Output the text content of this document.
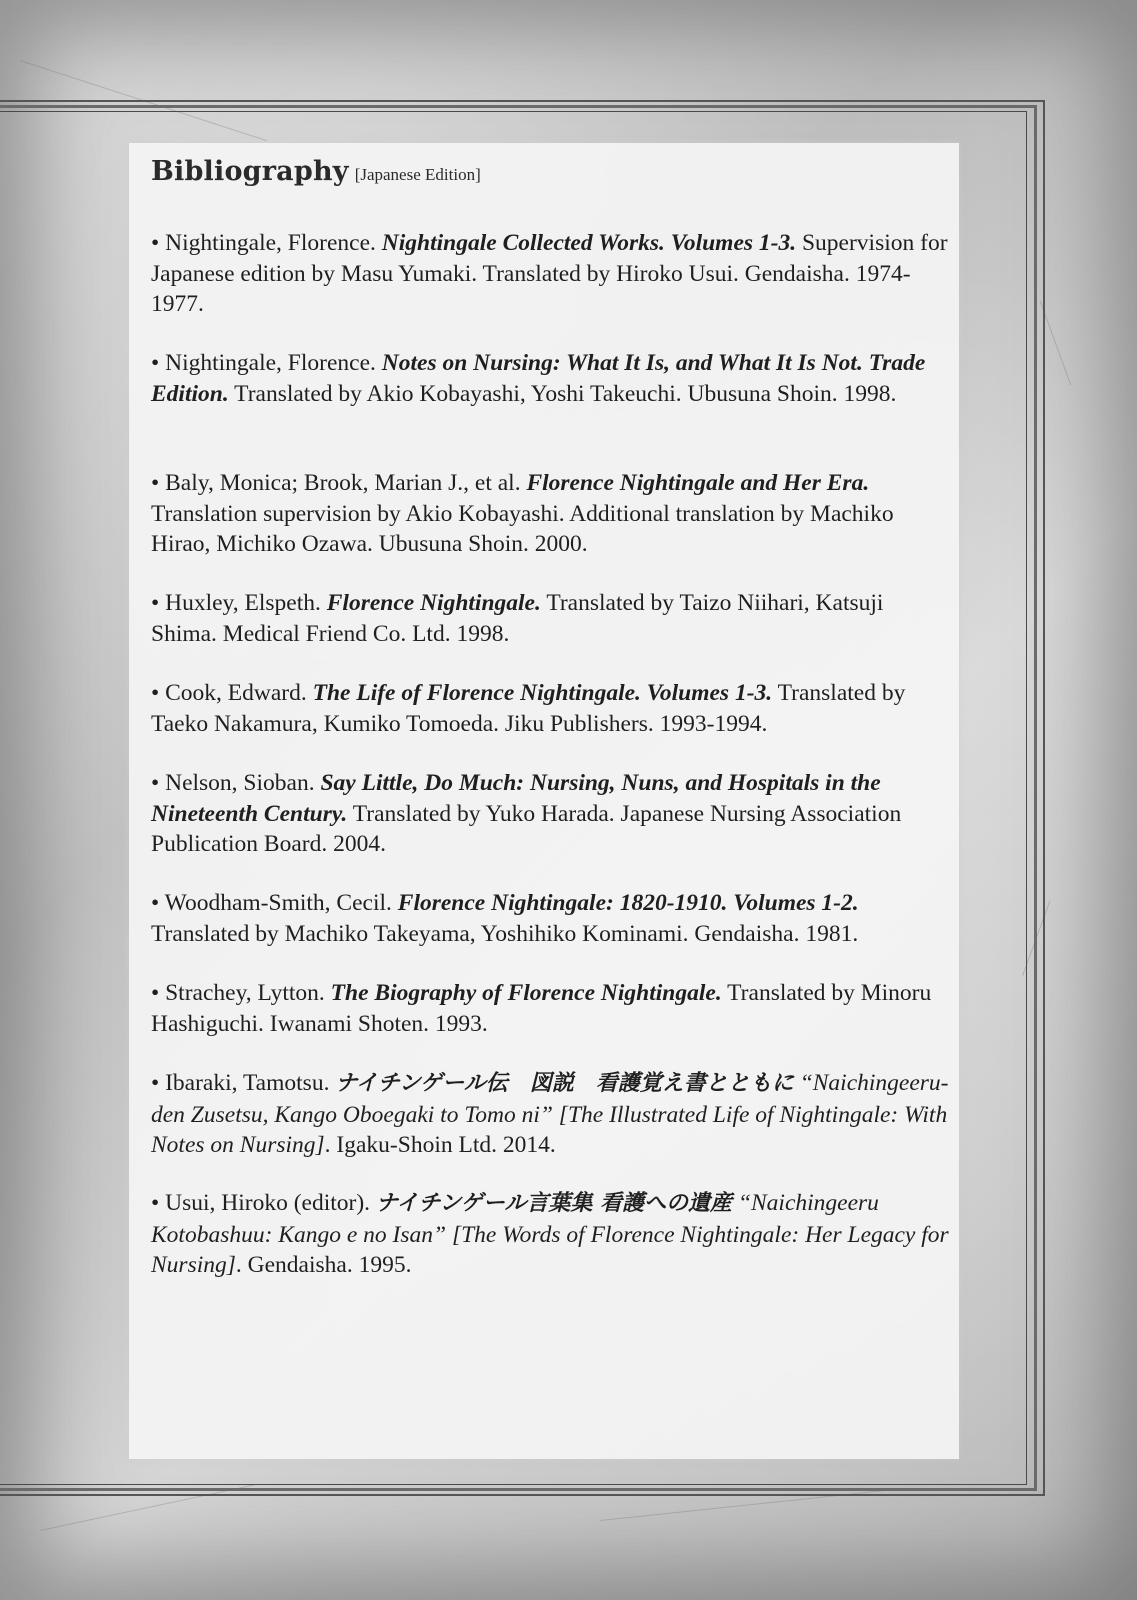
Bibliography [Japanese Edition]
• Nightingale, Florence. Nightingale Collected Works. Volumes 1-3. Supervision for Japanese edition by Masu Yumaki. Translated by Hiroko Usui. Gendaisha. 1974-1977.
• Nightingale, Florence. Notes on Nursing: What It Is, and What It Is Not. Trade Edition. Translated by Akio Kobayashi, Yoshi Takeuchi. Ubusuna Shoin. 1998.
• Baly, Monica; Brook, Marian J., et al. Florence Nightingale and Her Era. Translation supervision by Akio Kobayashi. Additional translation by Machiko Hirao, Michiko Ozawa. Ubusuna Shoin. 2000.
• Huxley, Elspeth. Florence Nightingale. Translated by Taizo Niihari, Katsuji Shima. Medical Friend Co. Ltd. 1998.
• Cook, Edward. The Life of Florence Nightingale. Volumes 1-3. Translated by Taeko Nakamura, Kumiko Tomoeda. Jiku Publishers. 1993-1994.
• Nelson, Sioban. Say Little, Do Much: Nursing, Nuns, and Hospitals in the Nineteenth Century. Translated by Yuko Harada. Japanese Nursing Association Publication Board. 2004.
• Woodham-Smith, Cecil. Florence Nightingale: 1820-1910. Volumes 1-2. Translated by Machiko Takeyama, Yoshihiko Kominami. Gendaisha. 1981.
• Strachey, Lytton. The Biography of Florence Nightingale. Translated by Minoru Hashiguchi. Iwanami Shoten. 1993.
• Ibaraki, Tamotsu. ナイチンゲール伝　図説　看護覚え書とともに “Naichingeeru-den Zusetsu, Kango Oboegaki to Tomo ni” [The Illustrated Life of Nightingale: With Notes on Nursing]. Igaku-Shoin Ltd. 2014.
• Usui, Hiroko (editor). ナイチンゲール言葉集 看護への遺産 “Naichingeeru Kotobashuu: Kango e no Isan” [The Words of Florence Nightingale: Her Legacy for Nursing]. Gendaisha. 1995.
